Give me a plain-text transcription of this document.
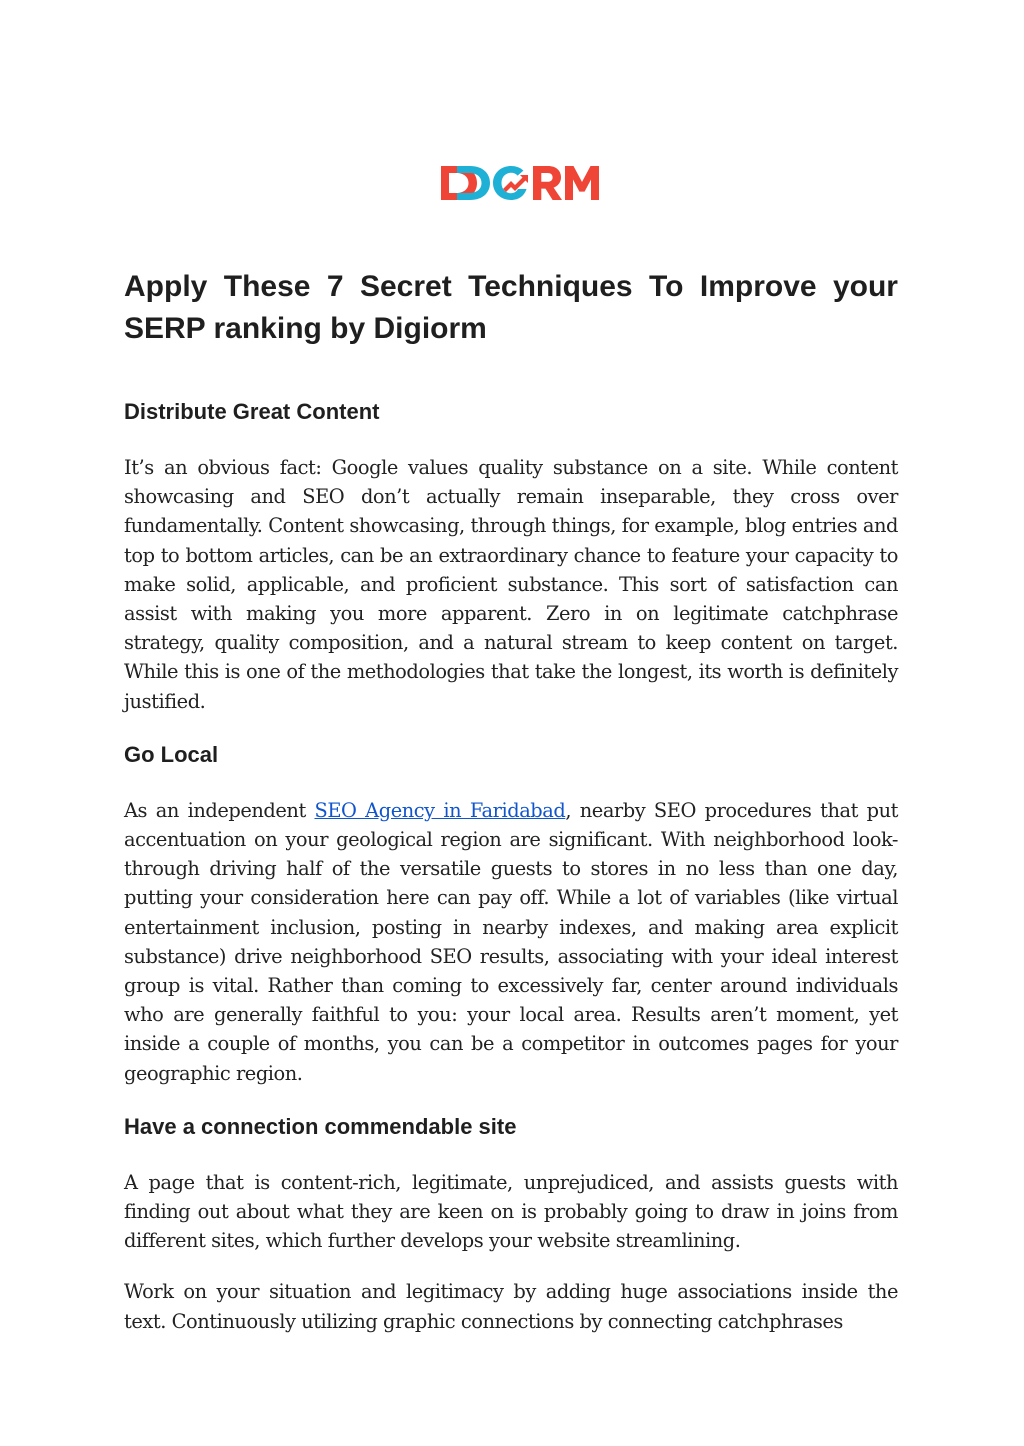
Apply These 7 Secret Techniques To Improve your SERP ranking by Digiorm
Distribute Great Content

It’s an obvious fact: Google values quality substance on a site. While content showcasing and SEO don’t actually remain inseparable, they cross over fundamentally. Content showcasing, through things, for example, blog entries and top to bottom articles, can be an extraordinary chance to feature your capacity to make solid, applicable, and proficient substance. This sort of satisfaction can assist with making you more apparent. Zero in on legitimate catchphrase strategy, quality composition, and a natural stream to keep content on target. While this is one of the methodologies that take the longest, its worth is definitely justified.

Go Local

As an independent SEO Agency in Faridabad, nearby SEO procedures that put accentuation on your geological region are significant. With neighborhood look-through driving half of the versatile guests to stores in no less than one day, putting your consideration here can pay off. While a lot of variables (like virtual entertainment inclusion, posting in nearby indexes, and making area explicit substance) drive neighborhood SEO results, associating with your ideal interest group is vital. Rather than coming to excessively far, center around individuals who are generally faithful to you: your local area. Results aren’t moment, yet inside a couple of months, you can be a competitor in outcomes pages for your geographic region.

Have a connection commendable site

A page that is content-rich, legitimate, unprejudiced, and assists guests with finding out about what they are keen on is probably going to draw in joins from different sites, which further develops your website streamlining.

Work on your situation and legitimacy by adding huge associations inside the text. Continuously utilizing graphic connections by connecting catchphrases
